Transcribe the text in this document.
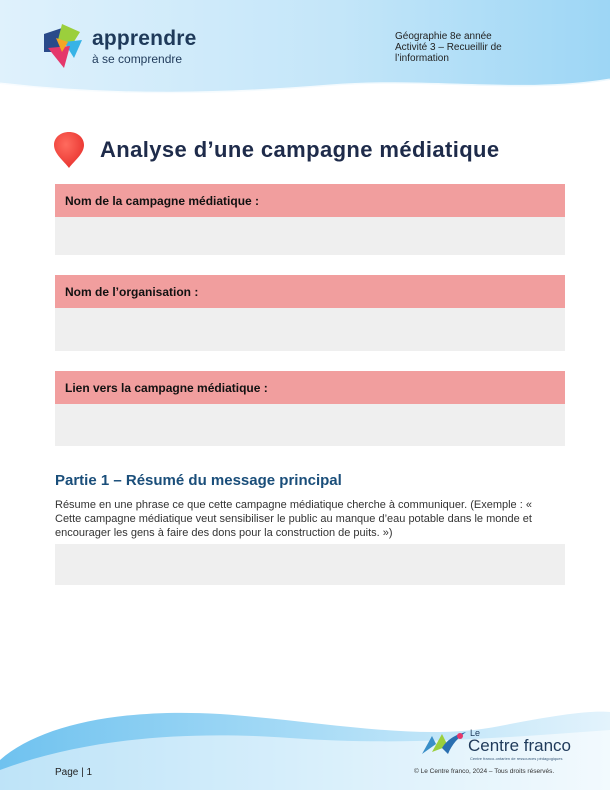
apprendre
à se comprendre
Géographie 8e année
Activité 3 – Recueillir de l’information
Analyse d’une campagne médiatique
Nom de la campagne médiatique :
Nom de l’organisation :
Lien vers la campagne médiatique :
Partie 1 – Résumé du message principal
Résume en une phrase ce que cette campagne médiatique cherche à communiquer. (Exemple : « Cette campagne médiatique veut sensibiliser le public au manque d’eau potable dans le monde et encourager les gens à faire des dons pour la construction de puits. »)
Le
Centre franco
Centre franco-ontarien de ressources pédagogiques
Page | 1	© Le Centre franco, 2024 – Tous droits réservés.
